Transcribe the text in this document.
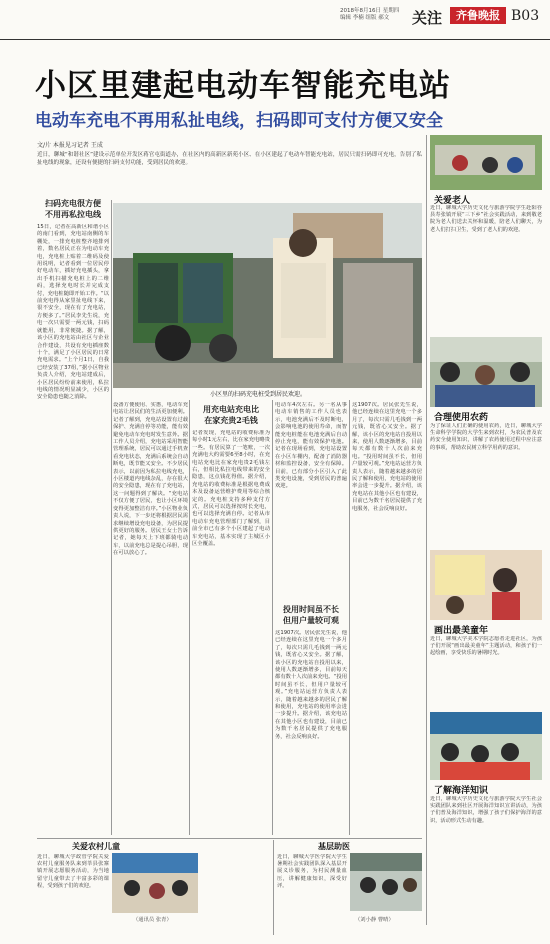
2018年8月16日 星期四
编辑 李楠 组版 郝文	关注	齐鲁晚报 B03
小区里建起电动车智能充电站
电动车充电不再用私扯电线，扫码即可支付方便又安全
文/片 本报见习记者 王成
近日，聊城“和谐社区”建设示范单位开发区蒋官屯街道办，在社区内的高新区新苑小区、在小区建起了电动车智能充电站，居民只需扫码即可充电，告别了私扯电线的现象，还设有便捷的扫码支付功能，受到居民的欢迎。
扫码充电很方便
不用再私拉电线
15日，记者在高新区和谐小区的南门看到，充电站南侧的车棚处，一排充电桩整齐地排列着，数名居民正在为电动车充电，充电桩上贴着二维码及使用说明，记者看到一位居民停好电动车，插好充电插头，拿出手机扫描充电桩上的二维码，选择充电时长并完成支付，充电桩随即开始工作。“以前充电得从家里扯电线下来，很不安全，现在有了充电站，方便多了。”居民李先生说，充电一次只需要一两元钱，扫码就能用，非常便捷。据了解，该小区的充电站由社区与企业合作建设，共设有充电插座数十个，满足了小区居民的日常充电需求。“上个月1日，自我已经安装了37组，”据小区物业负责人介绍，充电站建成后，小区居民纷纷前来使用，私拉电线的情况明显减少，小区的安全隐患也随之消除。	小区里的扫码充电桩受到居民欢迎。
设备方便使用、实惠，电动车充电站让居民们的生活更加便利。记者了解到，充电站设置有过载保护、充满自停等功能，能有效避免电动车充电时发生意外。据工作人员介绍，充电站采用智能管理系统，居民可以通过手机查看充电状态，充满后系统会自动断电，既节能又安全。不少居民表示，以前因为私拉电线充电，小区楼道内电线杂乱，存在很大的安全隐患，现在有了充电站，这一问题得到了解决。“充电站不仅方便了居民，也让小区环境变得更加整洁有序。”小区物业负责人说，下一步还将根据居民需求继续增设充电设备，为居民提供更好的服务。居民王女士告诉记者，她每天上下班都骑电动车，以前充电总是提心吊胆，现在可以放心了。
用充电站充电比
在家充贵2毛钱
记者发现，充电站的收费标准为每小时1元左右，比在家充电略贵一些。有居民算了一笔账，一次充满电大约需要6至8小时，在充电站充电比在家充电贵2毛钱左右，但相比私拉电线带来的安全隐患，这点钱花得值。据介绍，充电站的收费标准是根据电费成本及设备运营维护费用等综合核定的。充电桩支持多种支付方式，居民可以选择按时长充电，也可以选择充满自停。记者从市电动车充电管理部门了解到，目前全市已有多个小区建起了电动车充电站，基本实现了主城区小区全覆盖。
电动车4次左右。另一名从事电动车销售的工作人员也表示，电池充满后不及时断电，会影响电池的使用寿命，而智能充电桩能在电池充满后自动停止充电，能有效保护电池。记者在现场看到，充电站设置在小区车棚内，配备了消防器材和监控设备，安全有保障。目前，已有部分小区引入了此类充电设施，受到居民的普遍欢迎。
投用时间虽不长
但用户量较可观
这1907次。居民张先生说，他已经连续在这里充电一个多月了，每次只需几毛钱到一两元钱，既省心又安全。据了解，该小区的充电站自投用以来，使用人数逐渐增多，目前每天都有数十人次前来充电。“投用时间虽不长，但用户量较可观。”充电站运营方负责人表示，随着越来越多的居民了解和使用，充电站的使用率会进一步提升。据介绍，该充电站在其他小区也有建设，目前已为数千名居民提供了充电服务，社会反响良好。
这1907次。居民张先生说，他已经连续在这里充电一个多月了，每次只需几毛钱到一两元钱，既省心又安全。据了解，该小区的充电站自投用以来，使用人数逐渐增多，目前每天都有数十人次前来充电。“投用时间虽不长，但用户量较可观。”充电站运营方负责人表示，随着越来越多的居民了解和使用，充电站的使用率会进一步提升。据介绍，该充电站在其他小区也有建设，目前已为数千名居民提供了充电服务，社会反响良好。
关爱老人
近日，聊城大学历史文化与旅游学院学生赴阳谷县寿张镇开展“三下乡”社会实践活动，来到敬老院为老人们送去关怀和温暖，陪老人们聊天，为老人们打扫卫生，受到了老人们的欢迎。
合理使用农药
为了保证人们正确的使用农药，近日，聊城大学生命科学学院的大学生来到农村，为农民普及农药安全使用知识，讲解了农药使用过程中应注意的事项，帮助农民树立科学用药的意识。
画出最美童年
近日，聊城大学美术学院志愿者走进社区，为孩子们开展“画出最美童年”主题活动，和孩子们一起绘画，享受快乐的暑期时光。
了解海洋知识
近日，聊城大学历史文化与旅游学院大学生社会实践团队来到社区开展海洋知识宣讲活动，为孩子们普及海洋知识，增强了孩子们保护海洋的意识，活动形式生动有趣。
关爱农村儿童
近日，聊城大学政管学院关爱农村儿童服务队来到莘县张寨镇开展志愿服务活动，为当地留守儿童带去了丰富多彩的课程，受到孩子们的欢迎。
（通讯员 张青）
基层助医
近日，聊城大学医学院大学生暑期社会实践团队深入基层开展义诊服务，为村民测量血压，讲解健康知识，深受好评。
（刘小静 曹晴）
